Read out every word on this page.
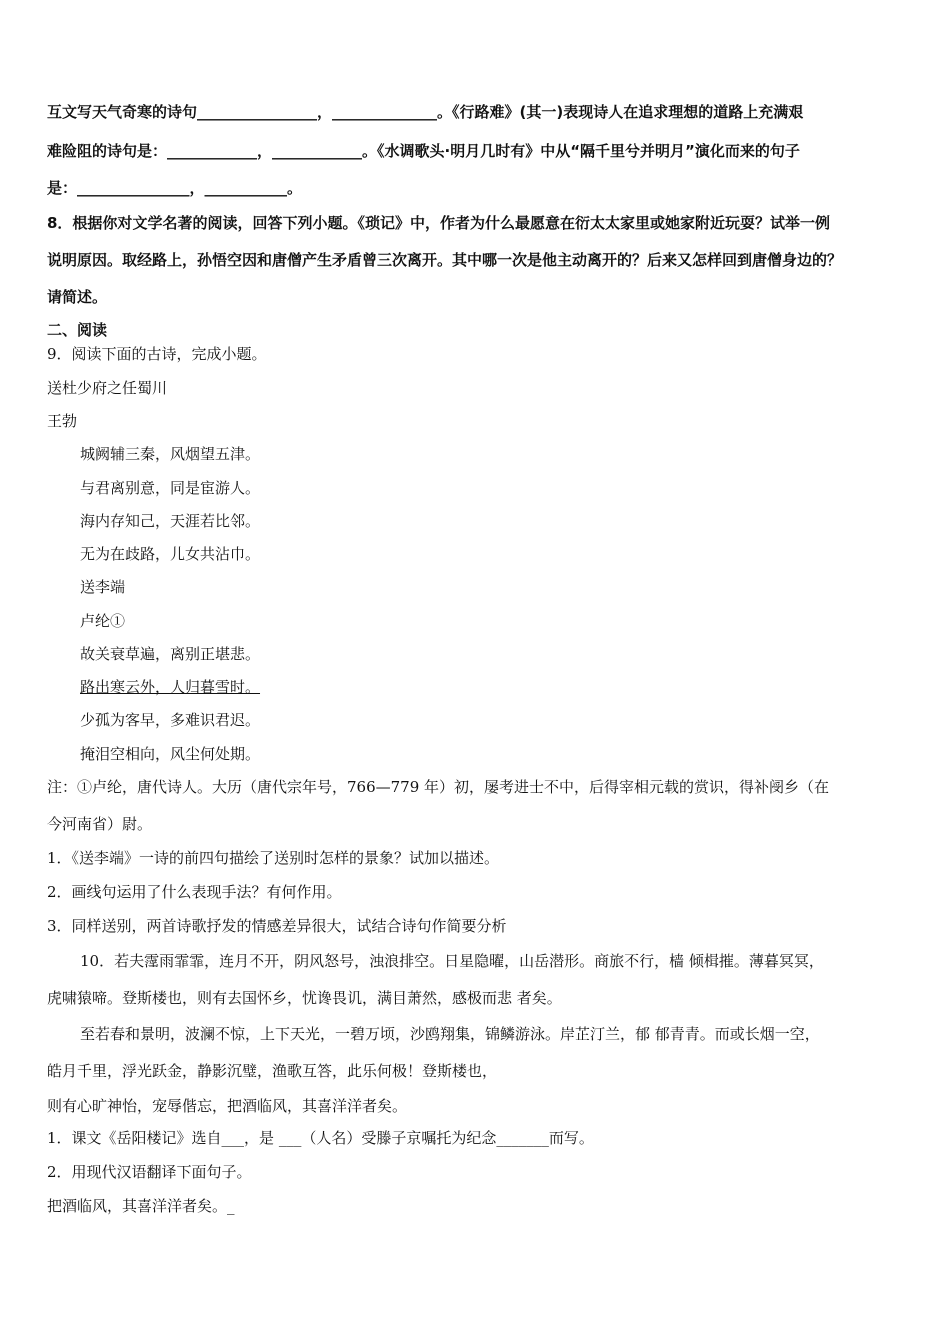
互文写天气奇寒的诗句________________，______________。《行路难》(其一)表现诗人在追求理想的道路上充满艰
难险阻的诗句是：____________，____________。《水调歌头·明月几时有》中从“隔千里兮并明月”演化而来的句子
是：_______________，___________。
8．根据你对文学名著的阅读，回答下列小题。《琐记》中，作者为什么最愿意在衍太太家里或她家附近玩耍？试举一例
说明原因。取经路上，孙悟空因和唐僧产生矛盾曾三次离开。其中哪一次是他主动离开的？后来又怎样回到唐僧身边的？
请简述。
二、阅读
9．阅读下面的古诗，完成小题。
送杜少府之任蜀川
王勃
城阙辅三秦，风烟望五津。
与君离别意，同是宦游人。
海内存知己，天涯若比邻。
无为在歧路，儿女共沾巾。
送李端
卢纶①
故关衰草遍，离别正堪悲。
路出寒云外，人归暮雪时。
少孤为客早，多难识君迟。
掩泪空相向，风尘何处期。
注：①卢纶，唐代诗人。大历（唐代宗年号，766—779 年）初，屡考进士不中，后得宰相元载的赏识，得补阌乡（在
今河南省）尉。
1．《送李端》一诗的前四句描绘了送别时怎样的景象？试加以描述。
2．画线句运用了什么表现手法？有何作用。
3．同样送别，两首诗歌抒发的情感差异很大，试结合诗句作简要分析
10．若夫霪雨霏霏，连月不开，阴风怒号，浊浪排空。日星隐曜，山岳潜形。商旅不行，樯 倾楫摧。薄暮冥冥，
虎啸猿啼。登斯楼也，则有去国怀乡，忧谗畏讥，满目萧然，感极而悲 者矣。
至若春和景明，波澜不惊，上下天光，一碧万顷，沙鸥翔集，锦鳞游泳。岸芷汀兰，郁 郁青青。而或长烟一空，
皓月千里，浮光跃金，静影沉璧，渔歌互答，此乐何极！登斯楼也，
则有心旷神怡，宠辱偕忘，把酒临风，其喜洋洋者矣。
1．课文《岳阳楼记》选自___，是 ___（人名）受滕子京嘱托为纪念_______而写。
2．用现代汉语翻译下面句子。
把酒临风，其喜洋洋者矣。_
